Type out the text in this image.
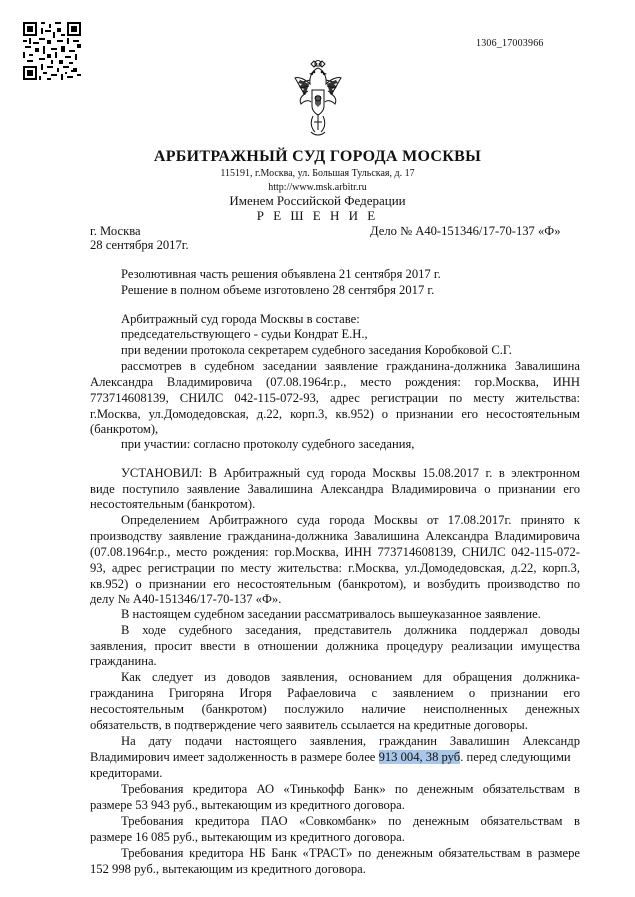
1306_17003966
АРБИТРАЖНЫЙ СУД ГОРОДА МОСКВЫ
115191, г.Москва, ул. Большая Тульская, д. 17
http://www.msk.arbitr.ru
Именем Российской Федерации
Р Е Ш Е Н И Е
г. Москва	Дело № А40-151346/17-70-137 «Ф»
28 сентября 2017г.
Резолютивная часть решения объявлена 21 сентября 2017 г.
Решение в полном объеме изготовлено 28 сентября 2017 г.
Арбитражный суд города Москвы в составе:
председательствующего - судьи Кондрат Е.Н.,
при ведении протокола секретарем судебного заседания Коробковой С.Г.
рассмотрев в судебном заседании заявление гражданина-должника Завалишина
Александра Владимировича (07.08.1964г.р., место рождения: гор.Москва, ИНН
773714608139, СНИЛС 042-115-072-93, адрес регистрации по месту жительства:
г.Москва, ул.Домодедовская, д.22, корп.3, кв.952) о признании его несостоятельным
(банкротом),
при участии: согласно протоколу судебного заседания,
УСТАНОВИЛ: В Арбитражный суд города Москвы 15.08.2017 г. в электронном
виде поступило заявление Завалишина Александра Владимировича о признании его
несостоятельным (банкротом).
Определением Арбитражного суда города Москвы от 17.08.2017г. принято к
производству заявление гражданина-должника Завалишина Александра Владимировича
(07.08.1964г.р., место рождения: гор.Москва, ИНН 773714608139, СНИЛС 042-115-072-
93, адрес регистрации по месту жительства: г.Москва, ул.Домодедовская, д.22, корп.3,
кв.952) о признании его несостоятельным (банкротом), и возбудить производство по
делу № А40-151346/17-70-137 «Ф».
В настоящем судебном заседании рассматривалось вышеуказанное заявление.
В ходе судебного заседания, представитель должника поддержал доводы
заявления, просит ввести в отношении должника процедуру реализации имущества
гражданина.
Как следует из доводов заявления, основанием для обращения должника-
гражданина Григоряна Игоря Рафаеловича с заявлением о признании его
несостоятельным (банкротом) послужило наличие неисполненных денежных
обязательств, в подтверждение чего заявитель ссылается на кредитные договоры.
На дату подачи настоящего заявления, гражданин Завалишин Александр
Владимирович имеет задолженность в размере более 913 004, 38 руб. перед следующими
кредиторами.
Требования кредитора АО «Тинькофф Банк» по денежным обязательствам в
размере 53 943 руб., вытекающим из кредитного договора.
Требования кредитора ПАО «Совкомбанк» по денежным обязательствам в
размере 16 085 руб., вытекающим из кредитного договора.
Требования кредитора НБ Банк «ТРАСТ» по денежным обязательствам в размере
152 998 руб., вытекающим из кредитного договора.
